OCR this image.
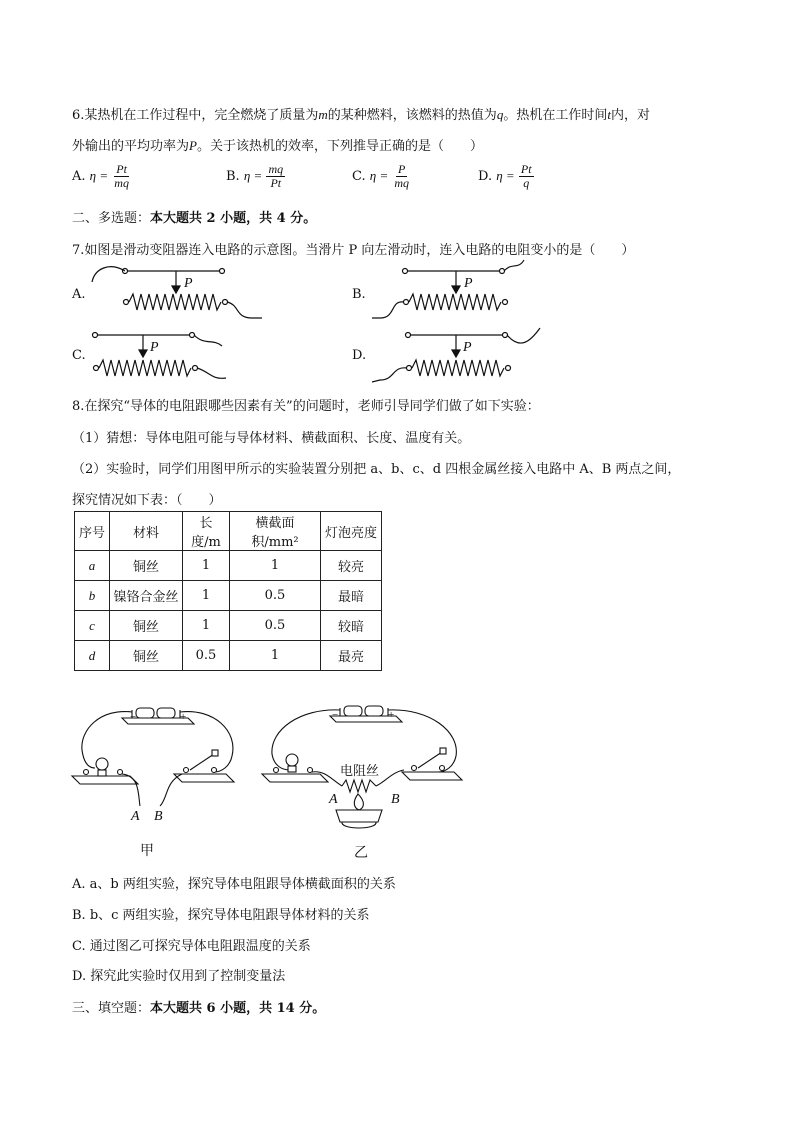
6.某热机在工作过程中，完全燃烧了质量为m的某种燃料，该燃料的热值为q。热机在工作时间t内，对
外输出的平均功率为P。关于该热机的效率，下列推导正确的是（　　）
A. $\eta = \frac{Pt}{mq}$	B. $\eta = \frac{mq}{Pt}$	C. $\eta = \frac{P}{mq}$	D. $\eta = \frac{Pt}{q}$
二、多选题：本大题共 2 小题，共 4 分。
7.如图是滑动变阻器连入电路的示意图。当滑片 P 向左滑动时，连入电路的电阻变小的是（　　）
A.	B.
C.	D.
P	P
P	P
8.在探究“导体的电阻跟哪些因素有关”的问题时，老师引导同学们做了如下实验：
（1）猜想：导体电阻可能与导体材料、横截面积、长度、温度有关。
（2）实验时，同学们用图甲所示的实验装置分别把 a、b、c、d 四根金属丝接入电路中 A、B 两点之间，
探究情况如下表：（　　）
序号	材料	长度/m	横截面积/mm²	灯泡亮度
a	铜丝	1	1	较亮
b	镍铬合金丝	1	0.5	最暗
c	铜丝	1	0.5	较暗
d	铜丝	0.5	1	最亮
−	+	−	+
A B
甲
电阻丝
A	B
乙
A. a、b 两组实验，探究导体电阻跟导体横截面积的关系
B. b、c 两组实验，探究导体电阻跟导体材料的关系
C. 通过图乙可探究导体电阻跟温度的关系
D. 探究此实验时仅用到了控制变量法
三、填空题：本大题共 6 小题，共 14 分。
